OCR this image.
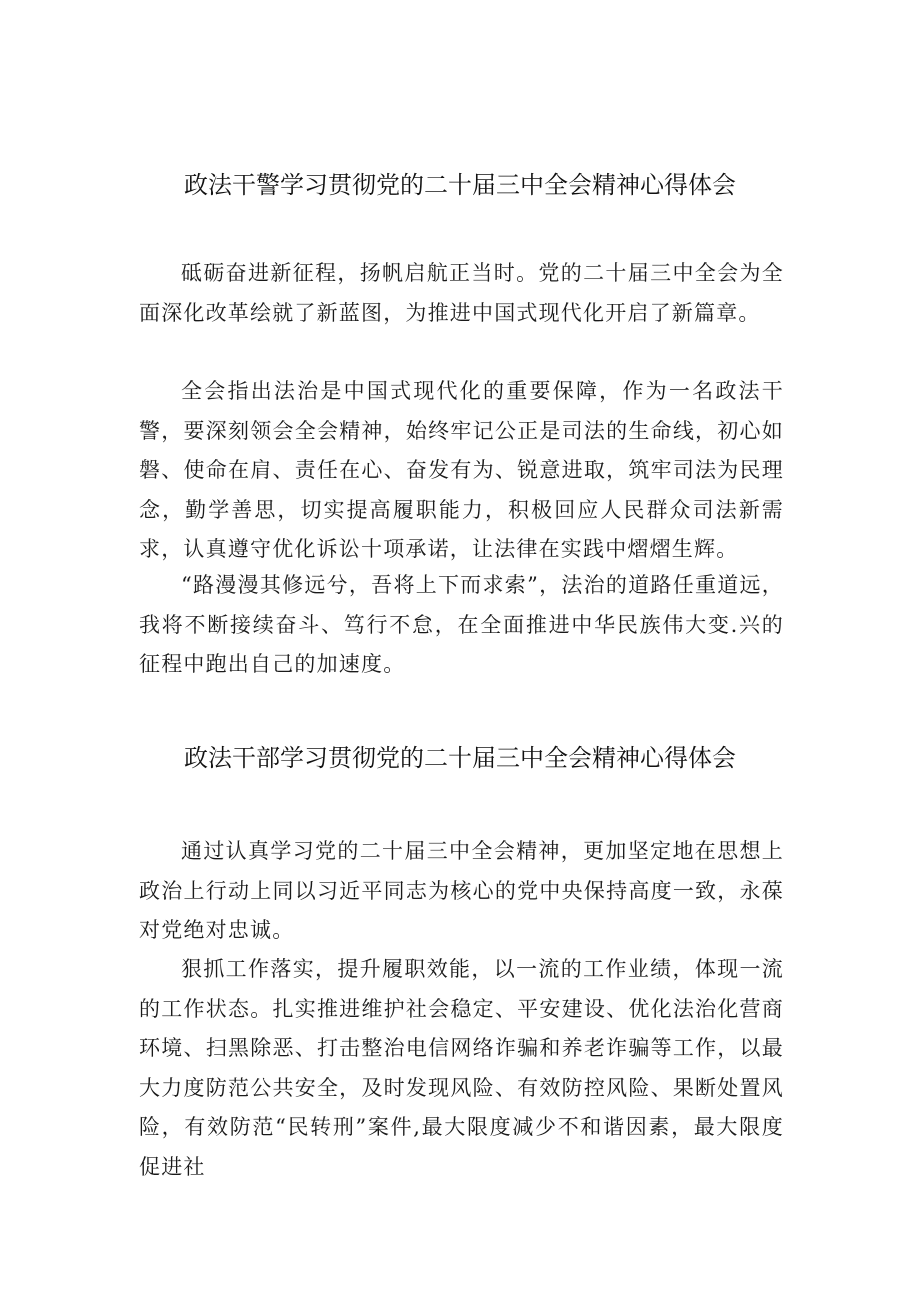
政法干警学习贯彻党的二十届三中全会精神心得体会

砥砺奋进新征程，扬帆启航正当时。党的二十届三中全会为全面深化改革绘就了新蓝图，为推进中国式现代化开启了新篇章。

全会指出法治是中国式现代化的重要保障，作为一名政法干警，要深刻领会全会精神，始终牢记公正是司法的生命线，初心如磐、使命在肩、责任在心、奋发有为、锐意进取，筑牢司法为民理念，勤学善思，切实提高履职能力，积极回应人民群众司法新需求，认真遵守优化诉讼十项承诺，让法律在实践中熠熠生辉。

“路漫漫其修远兮，吾将上下而求索”，法治的道路任重道远，我将不断接续奋斗、笃行不怠，在全面推进中华民族伟大变.兴的征程中跑出自己的加速度。

政法干部学习贯彻党的二十届三中全会精神心得体会

通过认真学习党的二十届三中全会精神，更加坚定地在思想上政治上行动上同以习近平同志为核心的党中央保持高度一致，永葆对党绝对忠诚。

狠抓工作落实，提升履职效能，以一流的工作业绩，体现一流的工作状态。扎实推进维护社会稳定、平安建设、优化法治化营商环境、扫黑除恶、打击整治电信网络诈骗和养老诈骗等工作，以最大力度防范公共安全，及时发现风险、有效防控风险、果断处置风险，有效防范“民转刑”案件,最大限度减少不和谐因素，最大限度促进社
